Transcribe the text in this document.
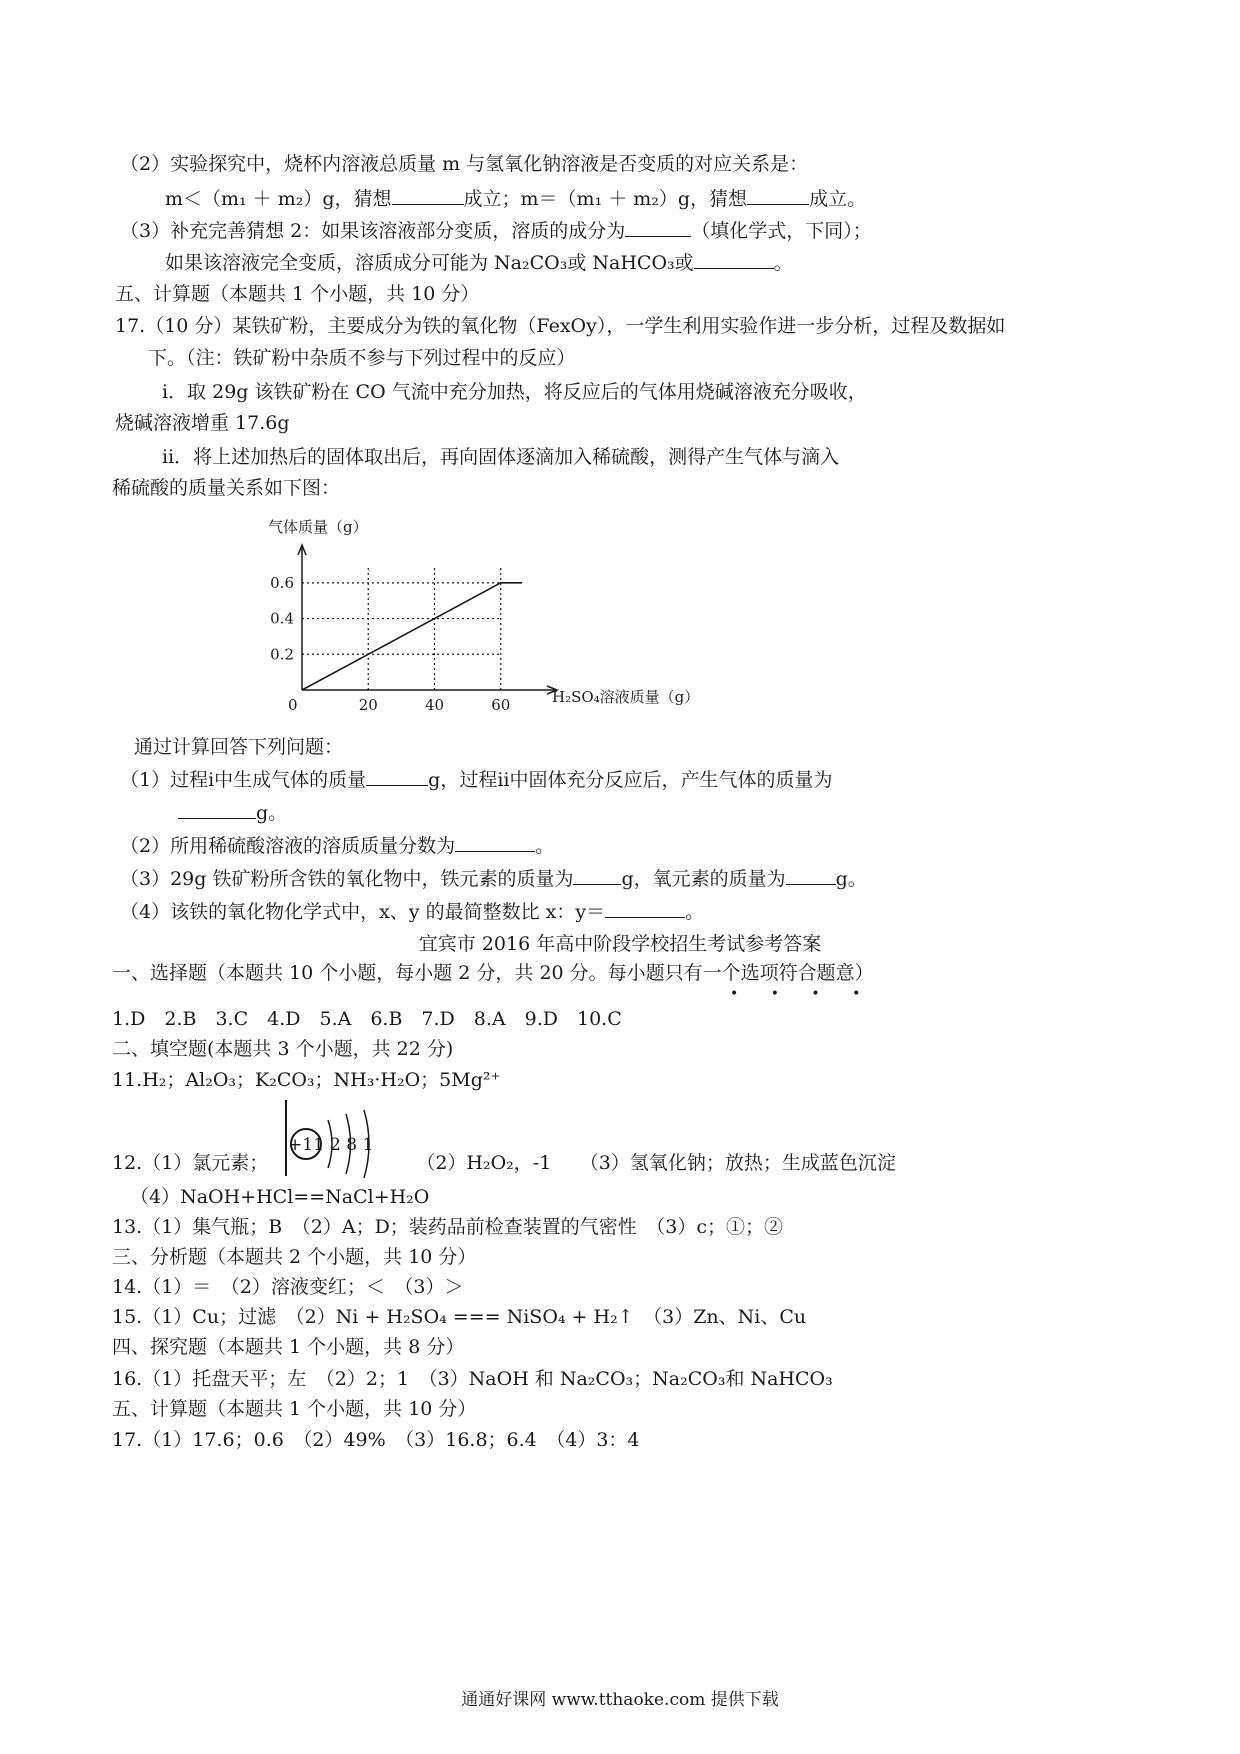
（2）实验探究中，烧杯内溶液总质量 m 与氢氧化钠溶液是否变质的对应关系是：
m＜（m₁ ＋ m₂）g，猜想	成立；m＝（m₁ ＋ m₂）g，猜想	成立。
（3）补充完善猜想 2：如果该溶液部分变质，溶质的成分为	（填化学式，下同）；
如果该溶液完全变质，溶质成分可能为 Na₂CO₃或 NaHCO₃或	。
五、计算题（本题共 1 个小题，共 10 分）
17.（10 分）某铁矿粉，主要成分为铁的氧化物（FexOy），一学生利用实验作进一步分析，过程及数据如
下。（注：铁矿粉中杂质不参与下列过程中的反应）
ⅰ．取 29g 该铁矿粉在 CO 气流中充分加热，将反应后的气体用烧碱溶液充分吸收，
烧碱溶液增重 17.6g
ⅱ．将上述加热后的固体取出后，再向固体逐滴加入稀硫酸，测得产生气体与滴入
稀硫酸的质量关系如下图：
气体质量（g）
20	40	60
0.2
0.4
0.6
0	H₂SO₄溶液质量（g）
通过计算回答下列问题：
（1）过程ⅰ中生成气体的质量	g，过程ⅱ中固体充分反应后，产生气体的质量为
g。
（2）所用稀硫酸溶液的溶质质量分数为	。
（3）29g 铁矿粉所含铁的氧化物中，铁元素的质量为	g，氧元素的质量为	g。
（4）该铁的氧化物化学式中，x、y 的最简整数比 x：y＝	。
宜宾市 2016 年高中阶段学校招生考试参考答案
一、选择题（本题共 10 个小题，每小题 2 分，共 20 分。每小题只有一个选项符合题意）
• • • •
1.D　2.B　3.C　4.D　5.A　6.B　7.D　8.A　9.D　10.C
二、填空题(本题共 3 个小题，共 22 分)
11.H₂；Al₂O₃；K₂CO₃；NH₃·H₂O；5Mg²⁺
+11 2 8 1
12.（1）氯元素；	（2）H₂O₂，-1　　（3）氢氧化钠；放热；生成蓝色沉淀
（4）NaOH+HCl==NaCl+H₂O
13.（1）集气瓶；B　（2）A；D；装药品前检查装置的气密性　（3）c；①；②
三、分析题（本题共 2 个小题，共 10 分）
14.（1）＝　（2）溶液变红；＜　（3）＞
15.（1）Cu；过滤　（2）Ni + H₂SO₄ === NiSO₄ + H₂↑　（3）Zn、Ni、Cu
四、探究题（本题共 1 个小题，共 8 分）
16.（1）托盘天平；左　（2）2；1　（3）NaOH 和 Na₂CO₃；Na₂CO₃和 NaHCO₃
五、计算题（本题共 1 个小题，共 10 分）
17.（1）17.6；0.6　（2）49%　（3）16.8；6.4　（4）3：4
通通好课网 www.tthaoke.com 提供下载
